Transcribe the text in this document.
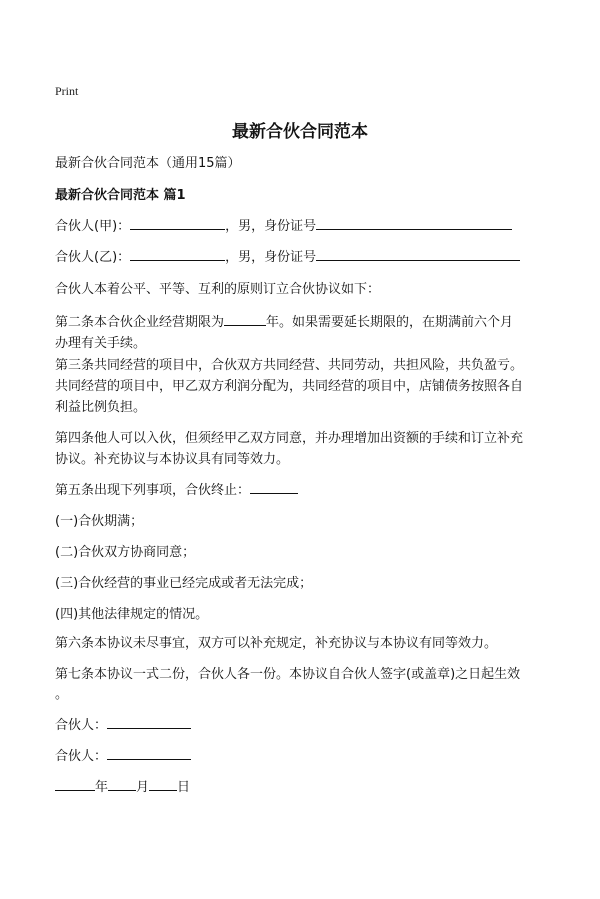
Print
最新合伙合同范本
最新合伙合同范本（通用15篇）
最新合伙合同范本 篇1
合伙人(甲)：	，男，身份证号
合伙人(乙)：	，男，身份证号
合伙人本着公平、平等、互利的原则订立合伙协议如下：
第二条本合伙企业经营期限为	年。如果需要延长期限的，在期满前六个月
办理有关手续。
第三条共同经营的项目中，合伙双方共同经营、共同劳动，共担风险，共负盈亏。
共同经营的项目中，甲乙双方利润分配为，共同经营的项目中，店铺债务按照各自
利益比例负担。
第四条他人可以入伙，但须经甲乙双方同意，并办理增加出资额的手续和订立补充
协议。补充协议与本协议具有同等效力。
第五条出现下列事项，合伙终止：
(一)合伙期满；
(二)合伙双方协商同意；
(三)合伙经营的事业已经完成或者无法完成；
(四)其他法律规定的情况。
第六条本协议未尽事宜，双方可以补充规定，补充协议与本协议有同等效力。
第七条本协议一式二份，合伙人各一份。本协议自合伙人签字(或盖章)之日起生效
。
合伙人：
合伙人：
年 月 日
